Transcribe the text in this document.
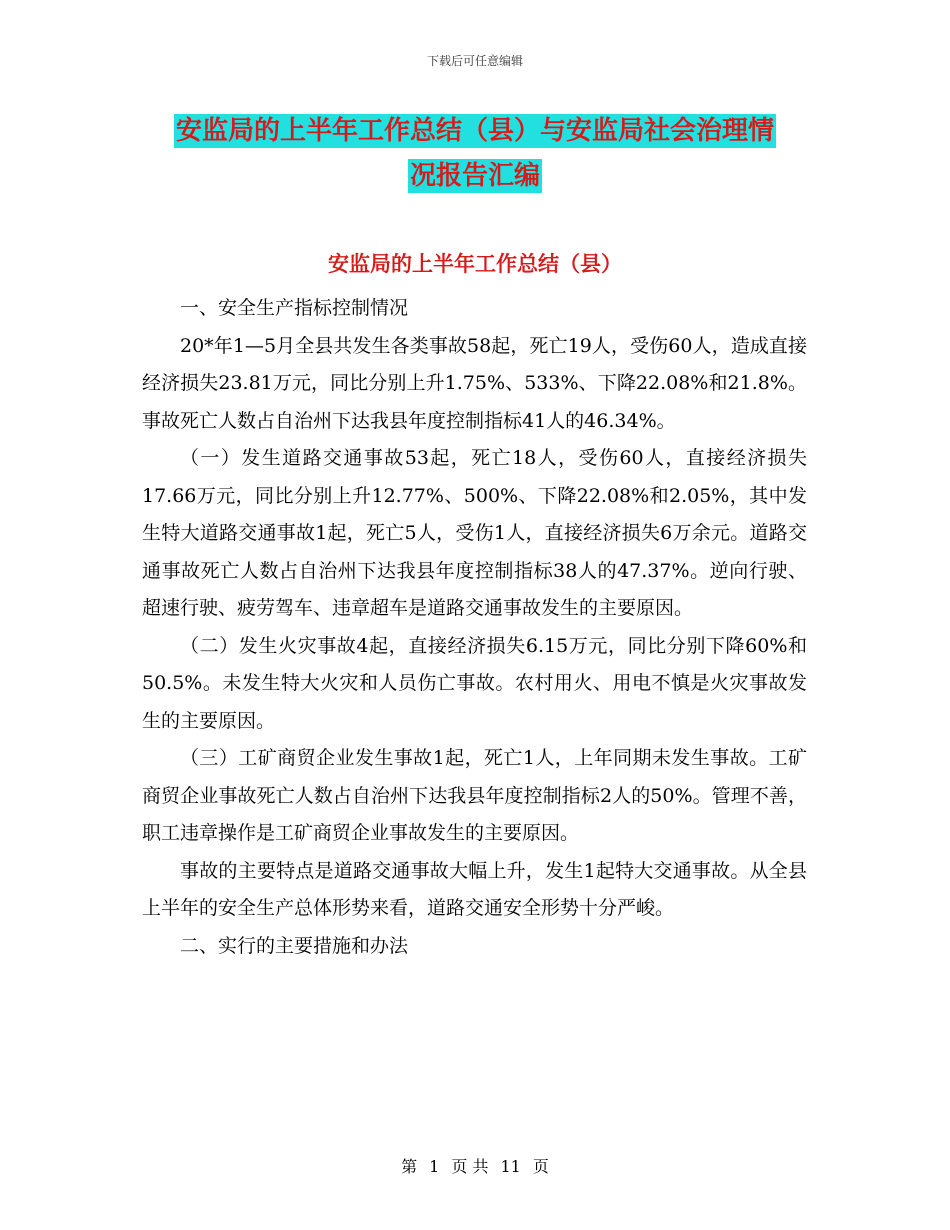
下载后可任意编辑
安监局的上半年工作总结（县）与安监局社会治理情
况报告汇编
安监局的上半年工作总结（县）

一、安全生产指标控制情况

20*年1—5月全县共发生各类事故58起，死亡19人，受伤60人，造成直接经济损失23.81万元，同比分别上升1.75%、533%、下降22.08%和21.8%。事故死亡人数占自治州下达我县年度控制指标41人的46.34%。

（一）发生道路交通事故53起，死亡18人，受伤60人，直接经济损失17.66万元，同比分别上升12.77%、500%、下降22.08%和2.05%，其中发生特大道路交通事故1起，死亡5人，受伤1人，直接经济损失6万余元。道路交通事故死亡人数占自治州下达我县年度控制指标38人的47.37%。逆向行驶、超速行驶、疲劳驾车、违章超车是道路交通事故发生的主要原因。

（二）发生火灾事故4起，直接经济损失6.15万元，同比分别下降60%和50.5%。未发生特大火灾和人员伤亡事故。农村用火、用电不慎是火灾事故发生的主要原因。

（三）工矿商贸企业发生事故1起，死亡1人，上年同期未发生事故。工矿商贸企业事故死亡人数占自治州下达我县年度控制指标2人的50%。管理不善，职工违章操作是工矿商贸企业事故发生的主要原因。

事故的主要特点是道路交通事故大幅上升，发生1起特大交通事故。从全县上半年的安全生产总体形势来看，道路交通安全形势十分严峻。

二、实行的主要措施和办法

第 1 页 共 11 页
